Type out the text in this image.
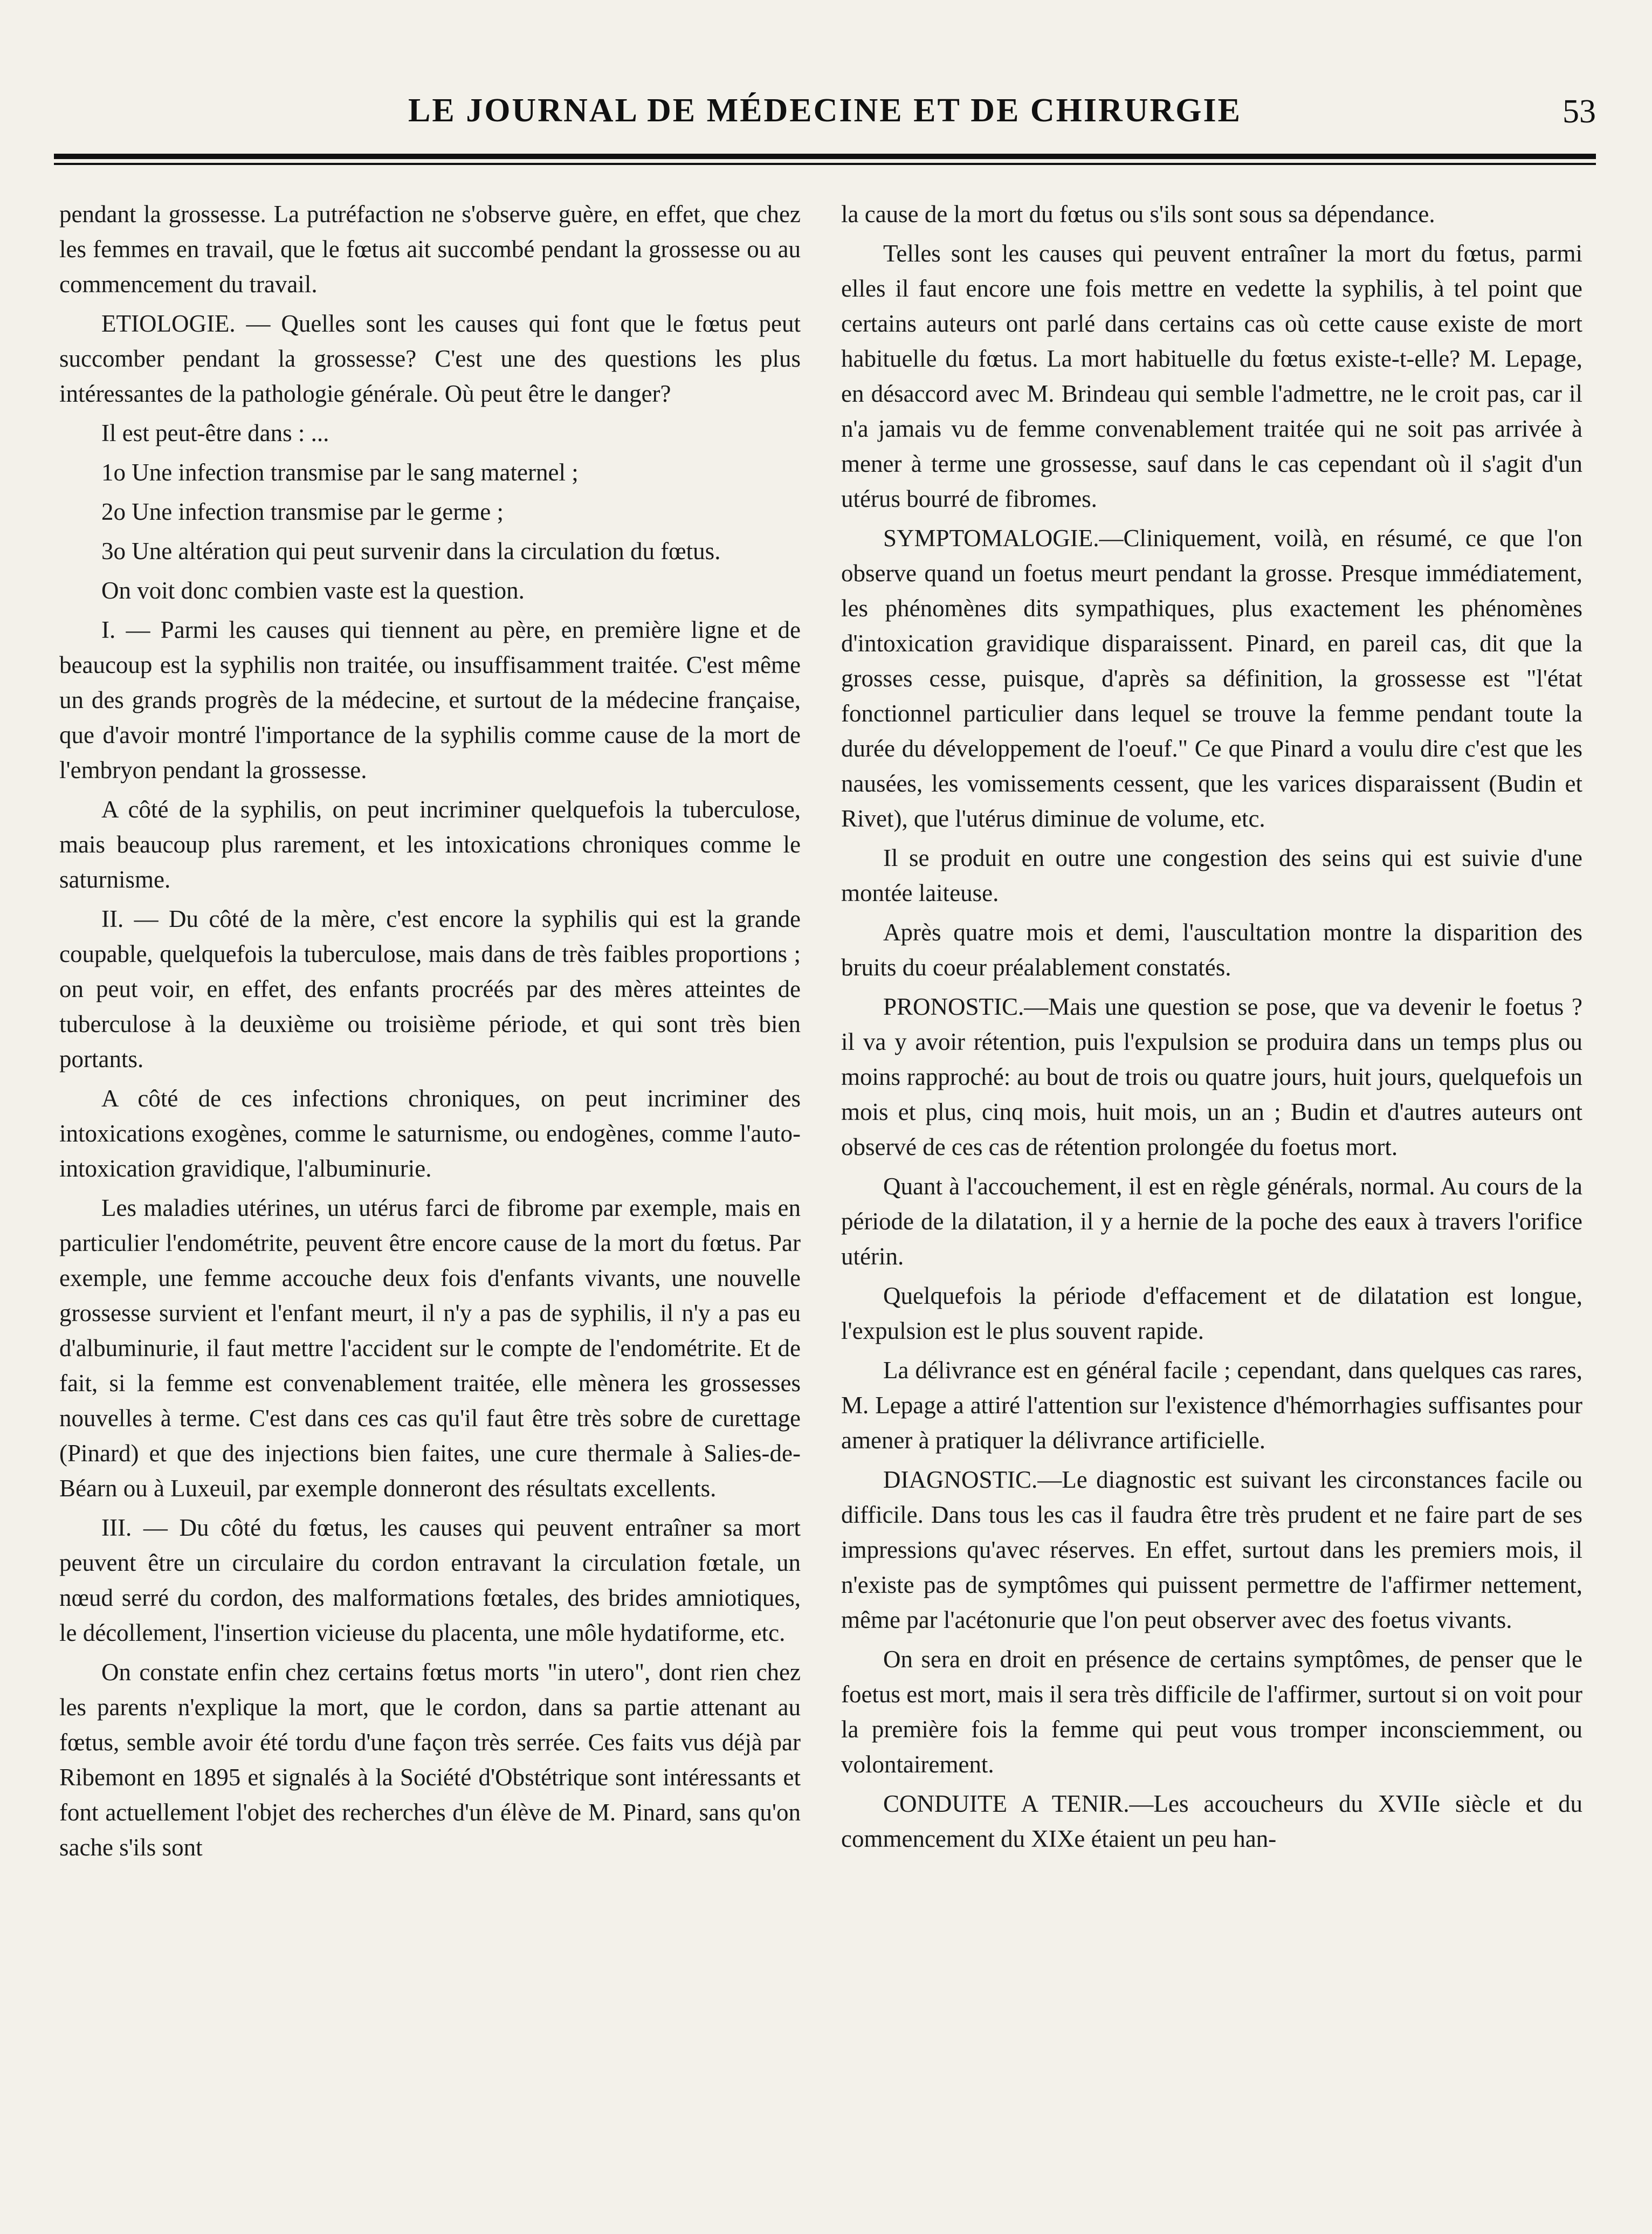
LE JOURNAL DE MÉDECINE ET DE CHIRURGIE	53

pendant la grossesse. La putréfaction ne s'observe guère, en effet, que chez les femmes en travail, que le fœtus ait succombé pendant la grossesse ou au commencement du travail.

ETIOLOGIE. — Quelles sont les causes qui font que le fœtus peut succomber pendant la grossesse? C'est une des questions les plus intéressantes de la pathologie générale. Où peut être le danger?

Il est peut-être dans : ...

1o Une infection transmise par le sang maternel ;

2o Une infection transmise par le germe ;

3o Une altération qui peut survenir dans la circulation du fœtus.

On voit donc combien vaste est la question.

I. — Parmi les causes qui tiennent au père, en première ligne et de beaucoup est la syphilis non traitée, ou insuffisamment traitée. C'est même un des grands progrès de la médecine, et surtout de la médecine française, que d'avoir montré l'importance de la syphilis comme cause de la mort de l'embryon pendant la grossesse.

A côté de la syphilis, on peut incriminer quelquefois la tuberculose, mais beaucoup plus rarement, et les intoxications chroniques comme le saturnisme.

II. — Du côté de la mère, c'est encore la syphilis qui est la grande coupable, quelquefois la tuberculose, mais dans de très faibles proportions ; on peut voir, en effet, des enfants procréés par des mères atteintes de tuberculose à la deuxième ou troisième période, et qui sont très bien portants.

A côté de ces infections chroniques, on peut incriminer des intoxications exogènes, comme le saturnisme, ou endogènes, comme l'auto-intoxication gravidique, l'albuminurie.

Les maladies utérines, un utérus farci de fibrome par exemple, mais en particulier l'endométrite, peuvent être encore cause de la mort du fœtus. Par exemple, une femme accouche deux fois d'enfants vivants, une nouvelle grossesse survient et l'enfant meurt, il n'y a pas de syphilis, il n'y a pas eu d'albuminurie, il faut mettre l'accident sur le compte de l'endométrite. Et de fait, si la femme est convenablement traitée, elle mènera les grossesses nouvelles à terme. C'est dans ces cas qu'il faut être très sobre de curettage (Pinard) et que des injections bien faites, une cure thermale à Salies-de-Béarn ou à Luxeuil, par exemple donneront des résultats excellents.

III. — Du côté du fœtus, les causes qui peuvent entraîner sa mort peuvent être un circulaire du cordon entravant la circulation fœtale, un nœud serré du cordon, des malformations fœtales, des brides amniotiques, le décollement, l'insertion vicieuse du placenta, une môle hydatiforme, etc.

On constate enfin chez certains fœtus morts "in utero", dont rien chez les parents n'explique la mort, que le cordon, dans sa partie attenant au fœtus, semble avoir été tordu d'une façon très serrée. Ces faits vus déjà par Ribemont en 1895 et signalés à la Société d'Obstétrique sont intéressants et font actuellement l'objet des recherches d'un élève de M. Pinard, sans qu'on sache s'ils sont

la cause de la mort du fœtus ou s'ils sont sous sa dépendance.

Telles sont les causes qui peuvent entraîner la mort du fœtus, parmi elles il faut encore une fois mettre en vedette la syphilis, à tel point que certains auteurs ont parlé dans certains cas où cette cause existe de mort habituelle du fœtus. La mort habituelle du fœtus existe-t-elle? M. Lepage, en désaccord avec M. Brindeau qui semble l'admettre, ne le croit pas, car il n'a jamais vu de femme convenablement traitée qui ne soit pas arrivée à mener à terme une grossesse, sauf dans le cas cependant où il s'agit d'un utérus bourré de fibromes.

SYMPTOMALOGIE.—Cliniquement, voilà, en résumé, ce que l'on observe quand un foetus meurt pendant la grosse. Presque immédiatement, les phénomènes dits sympathiques, plus exactement les phénomènes d'intoxication gravidique disparaissent. Pinard, en pareil cas, dit que la grosses cesse, puisque, d'après sa définition, la grossesse est "l'état fonctionnel particulier dans lequel se trouve la femme pendant toute la durée du développement de l'oeuf." Ce que Pinard a voulu dire c'est que les nausées, les vomissements cessent, que les varices disparaissent (Budin et Rivet), que l'utérus diminue de volume, etc.

Il se produit en outre une congestion des seins qui est suivie d'une montée laiteuse.

Après quatre mois et demi, l'auscultation montre la disparition des bruits du coeur préalablement constatés.

PRONOSTIC.—Mais une question se pose, que va devenir le foetus ? il va y avoir rétention, puis l'expulsion se produira dans un temps plus ou moins rapproché: au bout de trois ou quatre jours, huit jours, quelquefois un mois et plus, cinq mois, huit mois, un an ; Budin et d'autres auteurs ont observé de ces cas de rétention prolongée du foetus mort.

Quant à l'accouchement, il est en règle générals, normal. Au cours de la période de la dilatation, il y a hernie de la poche des eaux à travers l'orifice utérin.

Quelquefois la période d'effacement et de dilatation est longue, l'expulsion est le plus souvent rapide.

La délivrance est en général facile ; cependant, dans quelques cas rares, M. Lepage a attiré l'attention sur l'existence d'hémorrhagies suffisantes pour amener à pratiquer la délivrance artificielle.

DIAGNOSTIC.—Le diagnostic est suivant les circonstances facile ou difficile. Dans tous les cas il faudra être très prudent et ne faire part de ses impressions qu'avec réserves. En effet, surtout dans les premiers mois, il n'existe pas de symptômes qui puissent permettre de l'affirmer nettement, même par l'acétonurie que l'on peut observer avec des foetus vivants.

On sera en droit en présence de certains symptômes, de penser que le foetus est mort, mais il sera très difficile de l'affirmer, surtout si on voit pour la première fois la femme qui peut vous tromper inconsciemment, ou volontairement.

CONDUITE A TENIR.—Les accoucheurs du XVIIe siècle et du commencement du XIXe étaient un peu han-
